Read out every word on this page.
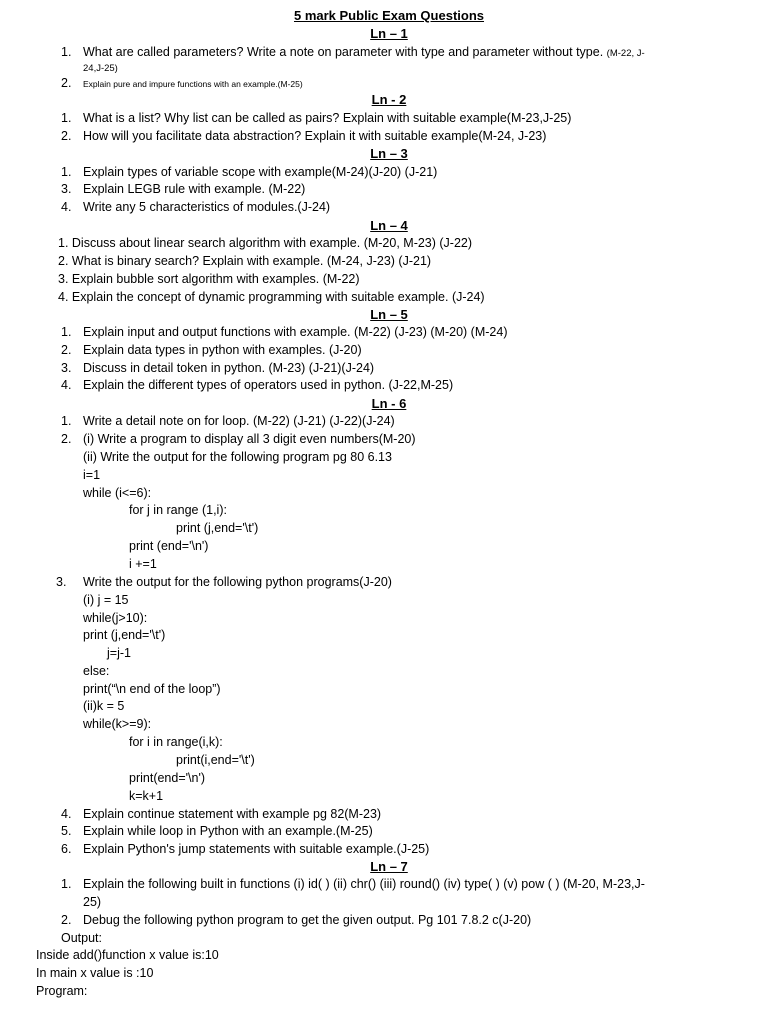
5 mark Public Exam Questions
Ln – 1
1. What are called parameters? Write a note on parameter with type and parameter without type. (M-22, J-
24,J-25)
2. Explain pure and impure functions with an example.(M-25)
Ln - 2
1. What is a list? Why list can be called as pairs? Explain with suitable example(M-23,J-25)
2. How will you facilitate data abstraction? Explain it with suitable example(M-24, J-23)
Ln – 3
1. Explain types of variable scope with example(M-24)(J-20) (J-21)
3. Explain LEGB rule with example. (M-22)
4. Write any 5 characteristics of modules.(J-24)
Ln – 4
1. Discuss about linear search algorithm with example. (M-20, M-23) (J-22)
2. What is binary search? Explain with example. (M-24, J-23) (J-21)
3. Explain bubble sort algorithm with examples. (M-22)
4. Explain the concept of dynamic programming with suitable example. (J-24)
Ln – 5
1. Explain input and output functions with example. (M-22) (J-23) (M-20) (M-24)
2. Explain data types in python with examples. (J-20)
3. Discuss in detail token in python. (M-23) (J-21)(J-24)
4. Explain the different types of operators used in python. (J-22,M-25)
Ln - 6
1. Write a detail note on for loop. (M-22) (J-21) (J-22)(J-24)
2. (i) Write a program to display all 3 digit even numbers(M-20)
(ii) Write the output for the following program pg 80 6.13
i=1
while (i<=6):
for j in range (1,i):
print (j,end='\t')
print (end='\n')
i +=1
3. Write the output for the following python programs(J-20)
(i) j = 15
while(j>10):
print (j,end='\t')
j=j-1
else:
print(“\n end of the loop”)
(ii)k = 5
while(k>=9):
for i in range(i,k):
print(i,end='\t')
print(end='\n')
k=k+1
4. Explain continue statement with example pg 82(M-23)
5. Explain while loop in Python with an example.(M-25)
6. Explain Python's jump statements with suitable example.(J-25)
Ln – 7
1. Explain the following built in functions (i) id( ) (ii) chr() (iii) round() (iv) type( ) (v) pow ( ) (M-20, M-23,J-
25)
2. Debug the following python program to get the given output. Pg 101 7.8.2 c(J-20)
Output:
Inside add()function x value is:10
In main x value is :10
Program:
